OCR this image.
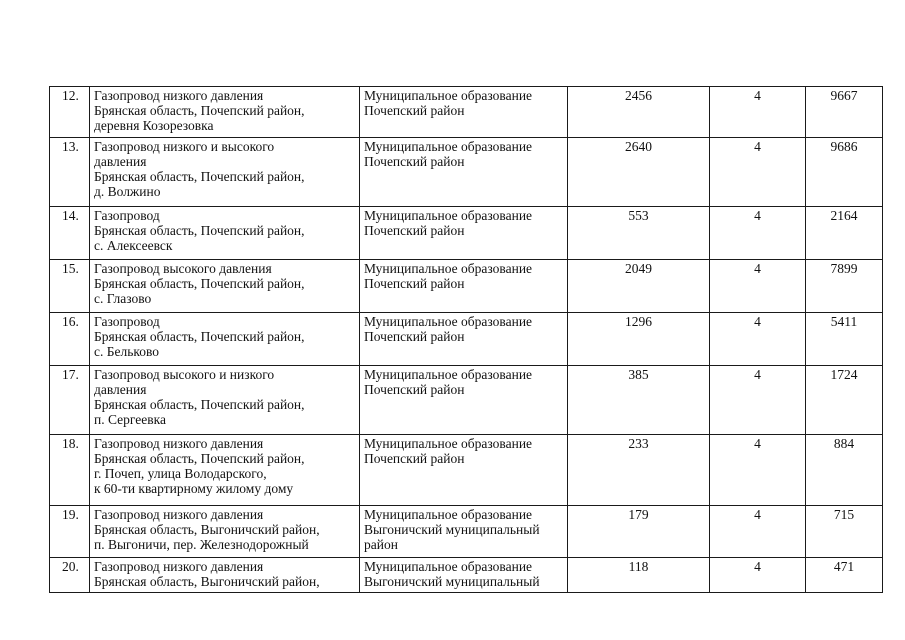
12.	Газопровод низкого давления
Брянская область, Почепский район,
деревня Козорезовка	Муниципальное образование
Почепский район	2456	4	9667

13.	Газопровод низкого и высокого
давления
Брянская область, Почепский район,
д. Волжино	Муниципальное образование
Почепский район	2640	4	9686

14.	Газопровод
Брянская область, Почепский район,
с. Алексеевск	Муниципальное образование
Почепский район	553	4	2164

15.	Газопровод высокого давления
Брянская область, Почепский район,
с. Глазово	Муниципальное образование
Почепский район	2049	4	7899

16.	Газопровод
Брянская область, Почепский район,
с. Бельково	Муниципальное образование
Почепский район	1296	4	5411

17.	Газопровод высокого и низкого
давления
Брянская область, Почепский район,
п. Сергеевка	Муниципальное образование
Почепский район	385	4	1724

18.	Газопровод низкого давления
Брянская область, Почепский район,
г. Почеп, улица Володарского,
к 60-ти квартирному жилому дому	Муниципальное образование
Почепский район	233	4	884

19.	Газопровод низкого давления
Брянская область, Выгоничский район,
п. Выгоничи, пер. Железнодорожный	Муниципальное образование
Выгоничский муниципальный
район	179	4	715

20.	Газопровод низкого давления
Брянская область, Выгоничский район,	Муниципальное образование
Выгоничский муниципальный	118	4	471
